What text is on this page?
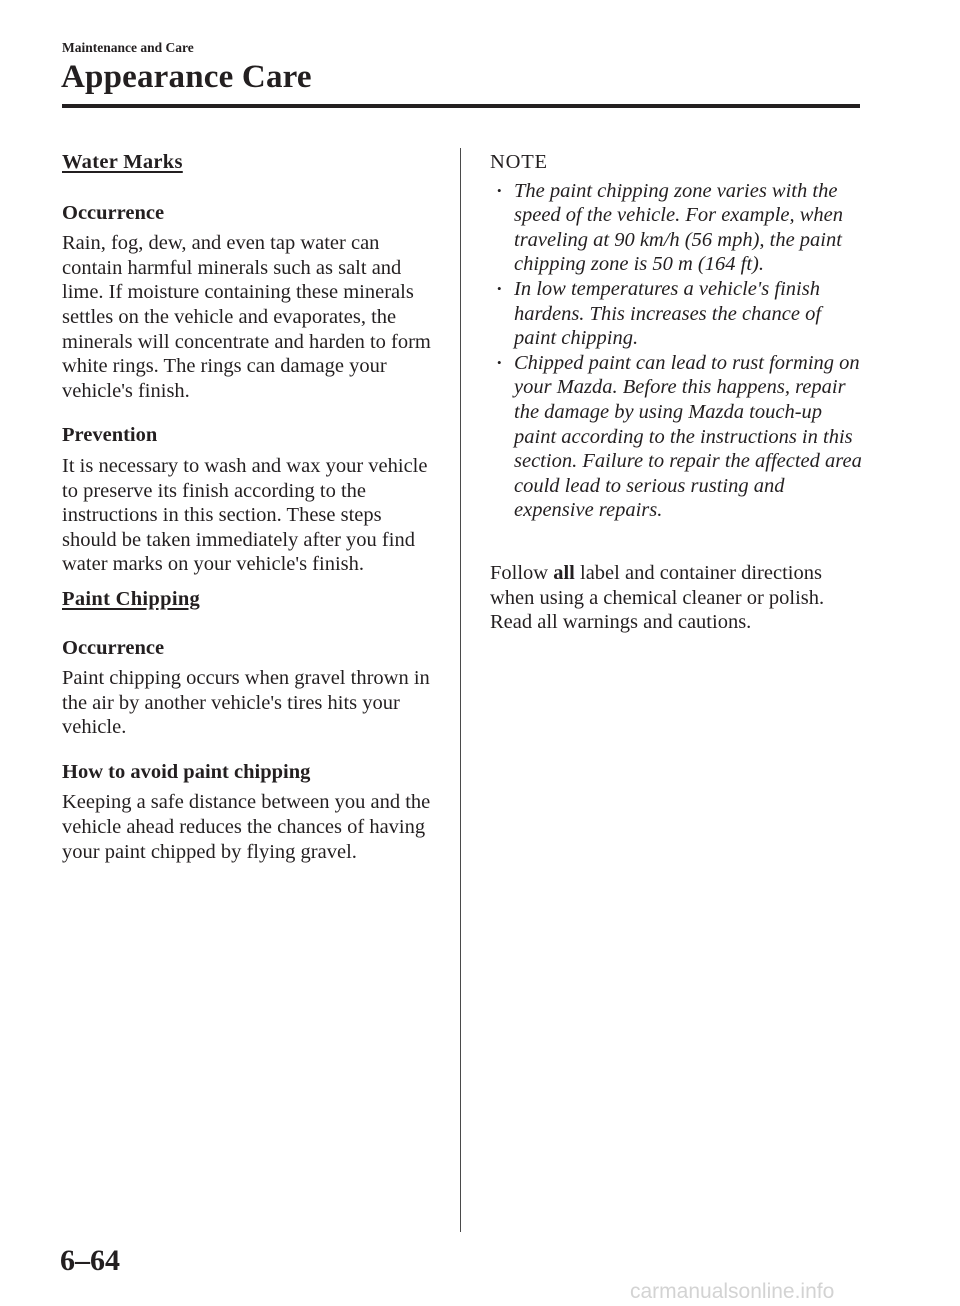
Maintenance and Care
Appearance Care

Water Marks

Occurrence

Rain, fog, dew, and even tap water can contain harmful minerals such as salt and lime. If moisture containing these minerals settles on the vehicle and evaporates, the minerals will concentrate and harden to form white rings. The rings can damage your vehicle's finish.

Prevention

It is necessary to wash and wax your vehicle to preserve its finish according to the instructions in this section. These steps should be taken immediately after you find water marks on your vehicle's finish.

Paint Chipping

Occurrence

Paint chipping occurs when gravel thrown in the air by another vehicle's tires hits your vehicle.

How to avoid paint chipping

Keeping a safe distance between you and the vehicle ahead reduces the chances of having your paint chipped by flying gravel.

NOTE

• The paint chipping zone varies with the speed of the vehicle. For example, when traveling at 90 km/h (56 mph), the paint chipping zone is 50 m (164 ft).
• In low temperatures a vehicle's finish hardens. This increases the chance of paint chipping.
• Chipped paint can lead to rust forming on your Mazda. Before this happens, repair the damage by using Mazda touch-up paint according to the instructions in this section. Failure to repair the affected area could lead to serious rusting and expensive repairs.

Follow all label and container directions when using a chemical cleaner or polish. Read all warnings and cautions.

6–64
carmanualsonline.info
